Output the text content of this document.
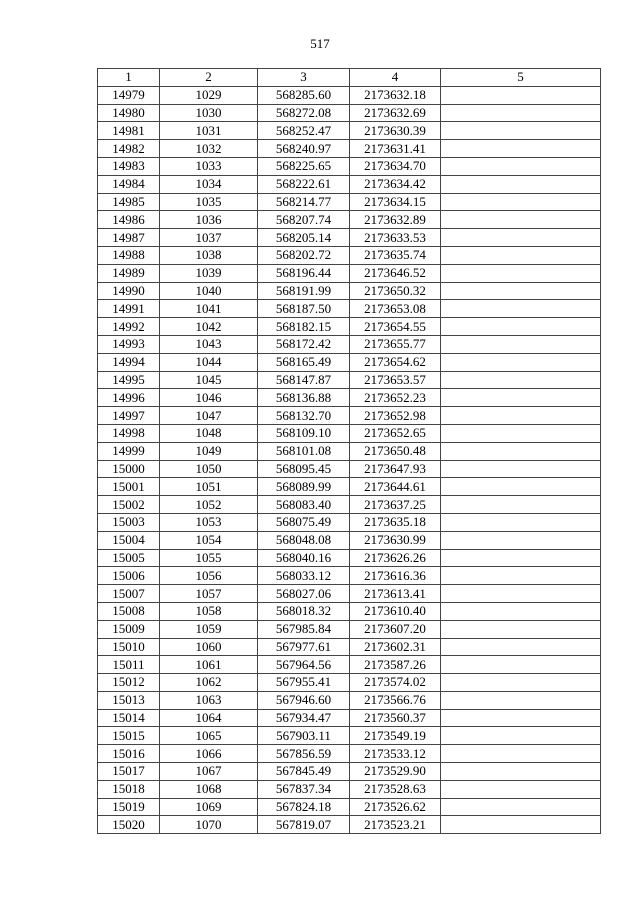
517
1	2	3	4	5
14979	1029	568285.60	2173632.18	
14980	1030	568272.08	2173632.69	
14981	1031	568252.47	2173630.39	
14982	1032	568240.97	2173631.41	
14983	1033	568225.65	2173634.70	
14984	1034	568222.61	2173634.42	
14985	1035	568214.77	2173634.15	
14986	1036	568207.74	2173632.89	
14987	1037	568205.14	2173633.53	
14988	1038	568202.72	2173635.74	
14989	1039	568196.44	2173646.52	
14990	1040	568191.99	2173650.32	
14991	1041	568187.50	2173653.08	
14992	1042	568182.15	2173654.55	
14993	1043	568172.42	2173655.77	
14994	1044	568165.49	2173654.62	
14995	1045	568147.87	2173653.57	
14996	1046	568136.88	2173652.23	
14997	1047	568132.70	2173652.98	
14998	1048	568109.10	2173652.65	
14999	1049	568101.08	2173650.48	
15000	1050	568095.45	2173647.93	
15001	1051	568089.99	2173644.61	
15002	1052	568083.40	2173637.25	
15003	1053	568075.49	2173635.18	
15004	1054	568048.08	2173630.99	
15005	1055	568040.16	2173626.26	
15006	1056	568033.12	2173616.36	
15007	1057	568027.06	2173613.41	
15008	1058	568018.32	2173610.40	
15009	1059	567985.84	2173607.20	
15010	1060	567977.61	2173602.31	
15011	1061	567964.56	2173587.26	
15012	1062	567955.41	2173574.02	
15013	1063	567946.60	2173566.76	
15014	1064	567934.47	2173560.37	
15015	1065	567903.11	2173549.19	
15016	1066	567856.59	2173533.12	
15017	1067	567845.49	2173529.90	
15018	1068	567837.34	2173528.63	
15019	1069	567824.18	2173526.62	
15020	1070	567819.07	2173523.21	
